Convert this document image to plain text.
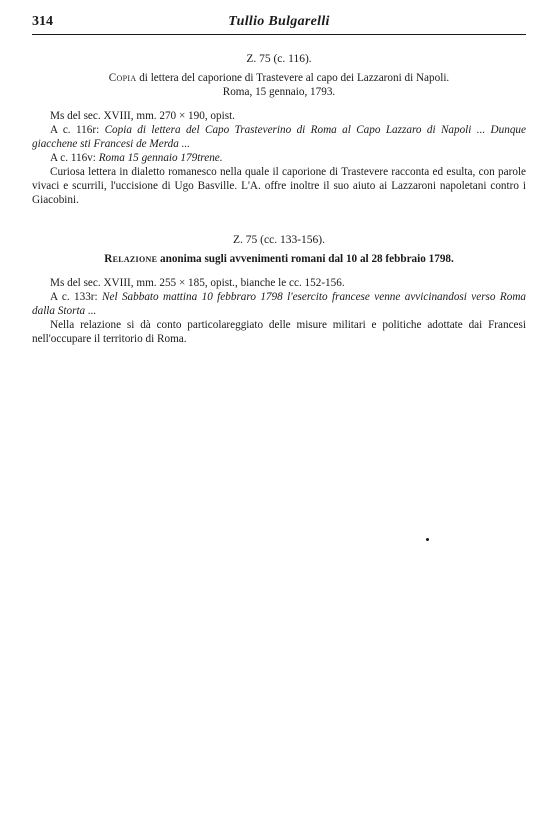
314	Tullio Bulgarelli
Z. 75 (c. 116).
Copia di lettera del caporione di Trastevere al capo dei Lazzaroni di Napoli.
Roma, 15 gennaio, 1793.

Ms del sec. XVIII, mm. 270 × 190, opist.

A c. 116r: Copia di lettera del Capo Trasteverino di Roma al Capo Lazzaro di Napoli ... Dunque giacchene sti Francesi de Merda ...

A c. 116v: Roma 15 gennaio 179trene.

Curiosa lettera in dialetto romanesco nella quale il caporione di Trastevere racconta ed esulta, con parole vivaci e scurrili, l'uccisione di Ugo Basville. L'A. offre inoltre il suo aiuto ai Lazzaroni napoletani contro i Giacobini.

Z. 75 (cc. 133-156).
Relazione anonima sugli avvenimenti romani dal 10 al 28 febbraio 1798.

Ms del sec. XVIII, mm. 255 × 185, opist., bianche le cc. 152-156.

A c. 133r: Nel Sabbato mattina 10 febbraro 1798 l'esercito francese venne avvicinandosi verso Roma dalla Storta ...

Nella relazione si dà conto particolareggiato delle misure militari e politiche adottate dai Francesi nell'occupare il territorio di Roma.
